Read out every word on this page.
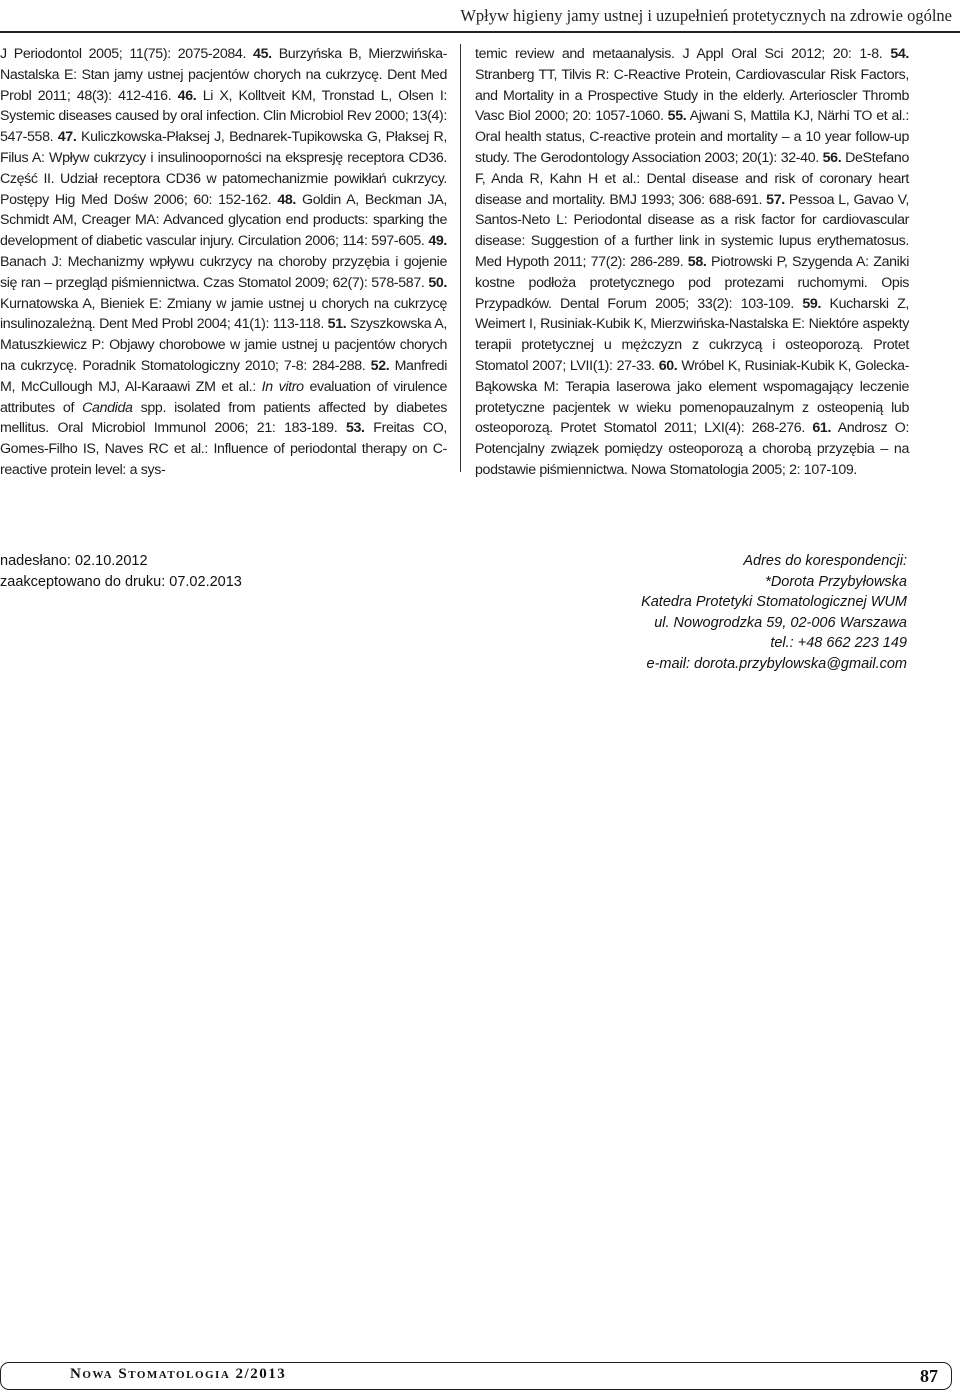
Wpływ higieny jamy ustnej i uzupełnień protetycznych na zdrowie ogólne
J Periodontol 2005; 11(75): 2075-2084. 45. Burzyńska B, Mierzwińska-Nastalska E: Stan jamy ustnej pacjentów chorych na cukrzycę. Dent Med Probl 2011; 48(3): 412-416. 46. Li X, Kolltveit KM, Tronstad L, Olsen I: Systemic diseases caused by oral infection. Clin Microbiol Rev 2000; 13(4): 547-558. 47. Kuliczkowska-Płaksej J, Bednarek-Tupikowska G, Płaksej R, Filus A: Wpływ cukrzycy i insulinooporności na ekspresję receptora CD36. Część II. Udział receptora CD36 w patomechanizmie powikłań cukrzycy. Postępy Hig Med Dośw 2006; 60: 152-162. 48. Goldin A, Beckman JA, Schmidt AM, Creager MA: Advanced glycation end products: sparking the development of diabetic vascular injury. Circulation 2006; 114: 597-605. 49. Banach J: Mechanizmy wpływu cukrzycy na choroby przyzębia i gojenie się ran – przegląd piśmiennictwa. Czas Stomatol 2009; 62(7): 578-587. 50. Kurnatowska A, Bieniek E: Zmiany w jamie ustnej u chorych na cukrzycę insulinozależną. Dent Med Probl 2004; 41(1): 113-118. 51. Szyszkowska A, Matuszkiewicz P: Objawy chorobowe w jamie ustnej u pacjentów chorych na cukrzycę. Poradnik Stomatologiczny 2010; 7-8: 284-288. 52. Manfredi M, McCullough MJ, Al-Karaawi ZM et al.: In vitro evaluation of virulence attributes of Candida spp. isolated from patients affected by diabetes mellitus. Oral Microbiol Immunol 2006; 21: 183-189. 53. Freitas CO, Gomes-Filho IS, Naves RC et al.: Influence of periodontal therapy on C-reactive protein level: a sys-
temic review and metaanalysis. J Appl Oral Sci 2012; 20: 1-8. 54. Stranberg TT, Tilvis R: C-Reactive Protein, Cardiovascular Risk Factors, and Mortality in a Prospective Study in the elderly. Arterioscler Thromb Vasc Biol 2000; 20: 1057-1060. 55. Ajwani S, Mattila KJ, Närhi TO et al.: Oral health status, C-reactive protein and mortality – a 10 year follow-up study. The Gerodontology Association 2003; 20(1): 32-40. 56. DeStefano F, Anda R, Kahn H et al.: Dental disease and risk of coronary heart disease and mortality. BMJ 1993; 306: 688-691. 57. Pessoa L, Gavao V, Santos-Neto L: Periodontal disease as a risk factor for cardiovascular disease: Suggestion of a further link in systemic lupus erythematosus. Med Hypoth 2011; 77(2): 286-289. 58. Piotrowski P, Szygenda A: Zaniki kostne podłoża protetycznego pod protezami ruchomymi. Opis Przypadków. Dental Forum 2005; 33(2): 103-109. 59. Kucharski Z, Weimert I, Rusiniak-Kubik K, Mierzwińska-Nastalska E: Niektóre aspekty terapii protetycznej u mężczyzn z cukrzycą i osteoporozą. Protet Stomatol 2007; LVII(1): 27-33. 60. Wróbel K, Rusiniak-Kubik K, Golecka-Bąkowska M: Terapia laserowa jako element wspomagający leczenie protetyczne pacjentek w wieku pomenopauzalnym z osteopenią lub osteoporozą. Protet Stomatol 2011; LXI(4): 268-276. 61. Androsz O: Potencjalny związek pomiędzy osteoporozą a chorobą przyzębia – na podstawie piśmiennictwa. Nowa Stomatologia 2005; 2: 107-109.
nadesłano: 02.10.2012
zaakceptowano do druku: 07.02.2013
Adres do korespondencji:
*Dorota Przybyłowska
Katedra Protetyki Stomatologicznej WUM
ul. Nowogrodzka 59, 02-006 Warszawa
tel.: +48 662 223 149
e-mail: dorota.przybylowska@gmail.com
Nowa Stomatologia 2/2013	87
